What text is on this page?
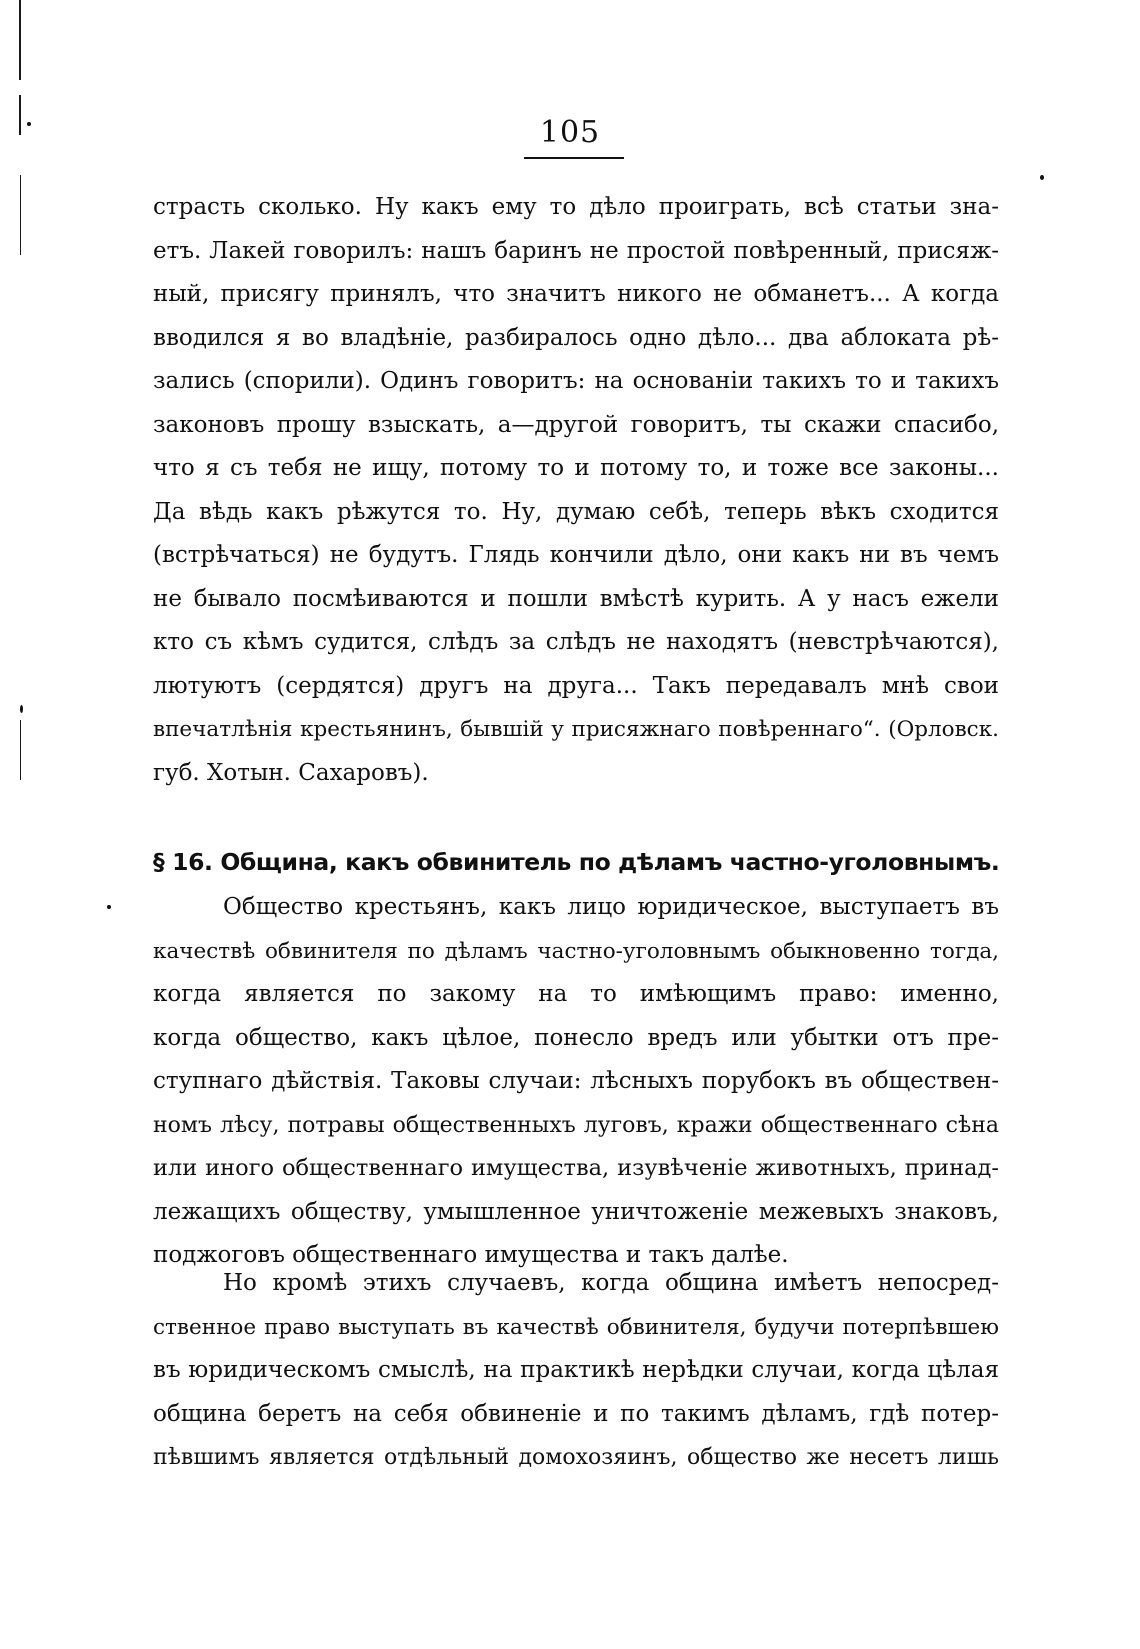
105
страсть сколько. Ну какъ ему то дѣло проиграть, всѣ статьи зна-
етъ. Лакей говорилъ: нашъ баринъ не простой повѣренный, присяж-
ный, присягу принялъ, что значитъ никого не обманетъ... А когда
вводился я во владѣніе, разбиралось одно дѣло... два аблоката рѣ-
зались (спорили). Одинъ говоритъ: на основаніи такихъ то и такихъ
законовъ прошу взыскать, а—другой говоритъ, ты скажи спасибо,
что я съ тебя не ищу, потому то и потому то, и тоже все законы...
Да вѣдь какъ рѣжутся то. Ну, думаю себѣ, теперь вѣкъ сходится
(встрѣчаться) не будутъ. Глядь кончили дѣло, они какъ ни въ чемъ
не бывало посмѣиваются и пошли вмѣстѣ курить. А у насъ ежели
кто съ кѣмъ судится, слѣдъ за слѣдъ не находятъ (невстрѣчаются),
лютуютъ (сердятся) другъ на друга... Такъ передавалъ мнѣ свои
впечатлѣнія крестьянинъ, бывшій у присяжнаго повѣреннаго“. (Орловск.
губ. Хотын. Сахаровъ).
§ 16. Община, какъ обвинитель по дѣламъ частно-уголовнымъ.
Общество крестьянъ, какъ лицо юридическое, выступаетъ въ
качествѣ обвинителя по дѣламъ частно-уголовнымъ обыкновенно тогда,
когда является по закому на то имѣющимъ право: именно,
когда общество, какъ цѣлое, понесло вредъ или убытки отъ пре-
ступнаго дѣйствія. Таковы случаи: лѣсныхъ порубокъ въ обществен-
номъ лѣсу, потравы общественныхъ луговъ, кражи общественнаго сѣна
или иного общественнаго имущества, изувѣченіе животныхъ, принад-
лежащихъ обществу, умышленное уничтоженіе межевыхъ знаковъ,
поджоговъ общественнаго имущества и такъ далѣе.
Но кромѣ этихъ случаевъ, когда община имѣетъ непосред-
ственное право выступать въ качествѣ обвинителя, будучи потерпѣвшею
въ юридическомъ смыслѣ, на практикѣ нерѣдки случаи, когда цѣлая
община беретъ на себя обвиненіе и по такимъ дѣламъ, гдѣ потер-
пѣвшимъ является отдѣльный домохозяинъ, общество же несетъ лишь
